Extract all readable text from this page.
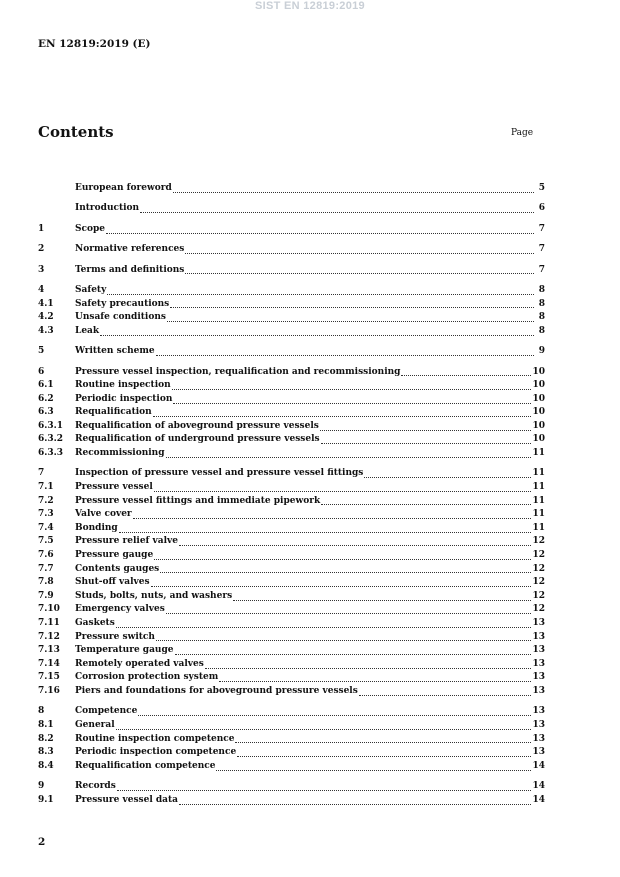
SIST EN 12819:2019
EN 12819:2019 (E)
Contents	Page
European foreword	5
Introduction	6
1	Scope	7
2	Normative references	7
3	Terms and definitions	7
4	Safety	8
4.1	Safety precautions	8
4.2	Unsafe conditions	8
4.3	Leak	8
5	Written scheme	9
6	Pressure vessel inspection, requalification and recommissioning	10
6.1	Routine inspection	10
6.2	Periodic inspection	10
6.3	Requalification	10
6.3.1	Requalification of aboveground pressure vessels	10
6.3.2	Requalification of underground pressure vessels	10
6.3.3	Recommissioning	11
7	Inspection of pressure vessel and pressure vessel fittings	11
7.1	Pressure vessel	11
7.2	Pressure vessel fittings and immediate pipework	11
7.3	Valve cover	11
7.4	Bonding	11
7.5	Pressure relief valve	12
7.6	Pressure gauge	12
7.7	Contents gauges	12
7.8	Shut-off valves	12
7.9	Studs, bolts, nuts, and washers	12
7.10	Emergency valves	12
7.11	Gaskets	13
7.12	Pressure switch	13
7.13	Temperature gauge	13
7.14	Remotely operated valves	13
7.15	Corrosion protection system	13
7.16	Piers and foundations for aboveground pressure vessels	13
8	Competence	13
8.1	General	13
8.2	Routine inspection competence	13
8.3	Periodic inspection competence	13
8.4	Requalification competence	14
9	Records	14
9.1	Pressure vessel data	14
2
